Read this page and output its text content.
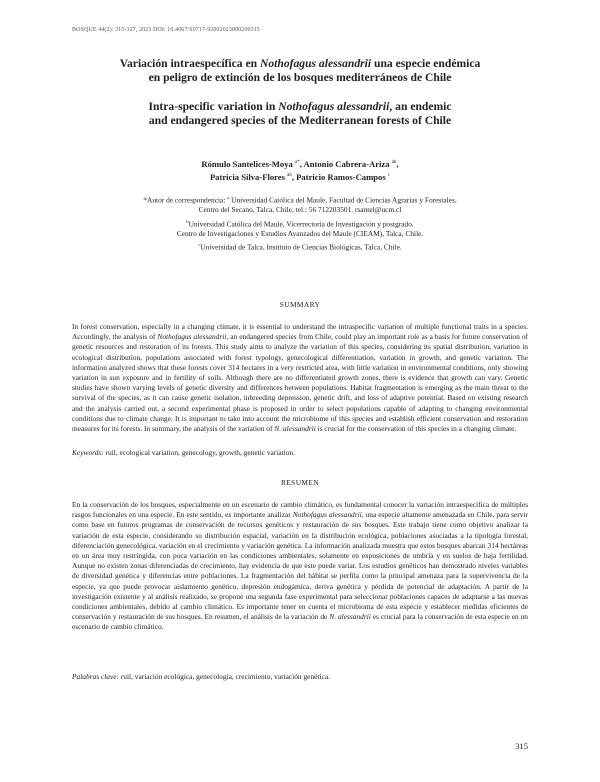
BOSQUE 44(2): 315-327, 2023 DOI: 10.4067/S0717-92002023000200315
Variación intraespecífica en Nothofagus alessandrii una especie endémica
en peligro de extinción de los bosques mediterráneos de Chile
Intra-specific variation in Nothofagus alessandrii, an endemic
and endangered species of the Mediterranean forests of Chile
Rómulo Santelices-Moya $^{a*}$, Antonio Cabrera-Ariza $^{ab}$,
Patricia Silva-Flores $^{ab}$, Patricio Ramos-Campos $^c$
*Autor de correspondencia: $^a$ Universidad Católica del Maule, Facultad de Ciencias Agrarias y Forestales,
Centro del Secano, Talca, Chile, tel.: 56 712203501. rsantel@ucm.cl
$^b$Universidad Católica del Maule, Vicerrectoría de Investigación y postgrado,
Centro de Investigaciones y Estudios Avanzados del Maule (CIEAM), Talca, Chile.
$^c$Universidad de Talca, Instituto de Ciencias Biológicas, Talca, Chile.
SUMMARY

In forest conservation, especially in a changing climate, it is essential to understand the intraspecific variation of multiple functional traits in a species. Accordingly, the analysis of Nothofagus alessandrii, an endangered species from Chile, could play an important role as a basis for future conservation of genetic resources and restoration of its forests. This study aims to analyze the variation of this species, considering its spatial distribution, variation in ecological distribution, populations associated with forest typology, genecological differentiation, variation in growth, and genetic variation. The information analyzed shows that these forests cover 314 hectares in a very restricted area, with little variation in environmental conditions, only showing variation in sun exposure and in fertility of soils. Although there are no differentiated growth zones, there is evidence that growth can vary. Genetic studies have shown varying levels of genetic diversity and differences between populations. Habitat fragmentation is emerging as the main threat to the survival of the species, as it can cause genetic isolation, inbreeding depression, genetic drift, and loss of adaptive potential. Based on existing research and the analysis carried out, a second experimental phase is proposed in order to select populations capable of adapting to changing environmental conditions due to climate change. It is important to take into account the microbiome of this species and establish efficient conservation and restoration measures for its forests. In summary, the analysis of the variation of N. alessandrii is crucial for the conservation of this species in a changing climate.

Keywords: ruil, ecological variation, genecology, growth, genetic variation.

RESUMEN

En la conservación de los bosques, especialmente en un escenario de cambio climático, es fundamental conocer la variación intraespecífica de múltiples rasgos funcionales en una especie. En este sentido, es importante analizar Nothofagus alessandrii, una especie altamente amenazada en Chile, para servir como base en futuros programas de conservación de recursos genéticos y restauración de sus bosques. Este trabajo tiene como objetivo analizar la variación de esta especie, considerando su distribución espacial, variación en la distribución ecológica, poblaciones asociadas a la tipología forestal, diferenciación genecológica, variación en el crecimiento y variación genética. La información analizada muestra que estos bosques abarcan 314 hectáreas en un área muy restringida, con poca variación en las condiciones ambientales, solamente en exposiciones de umbría y en suelos de baja fertilidad. Aunque no existen zonas diferenciadas de crecimiento, hay evidencia de que este puede variar. Los estudios genéticos han demostrado niveles variables de diversidad genética y diferencias entre poblaciones. La fragmentación del hábitat se perfila como la principal amenaza para la supervivencia de la especie, ya que puede provocar aislamiento genético, depresión endogámica, deriva genética y pérdida de potencial de adaptación. A partir de la investigación existente y al análisis realizado, se propone una segunda fase experimental para seleccionar poblaciones capaces de adaptarse a las nuevas condiciones ambientales, debido al cambio climático. Es importante tener en cuenta el microbioma de esta especie y establecer medidas eficientes de conservación y restauración de sus bosques. En resumen, el análisis de la variación de N. alessandrii es crucial para la conservación de esta especie en un escenario de cambio climático.

Palabras clave: ruil, variación ecológica, genecología, crecimiento, variación genética.

315
